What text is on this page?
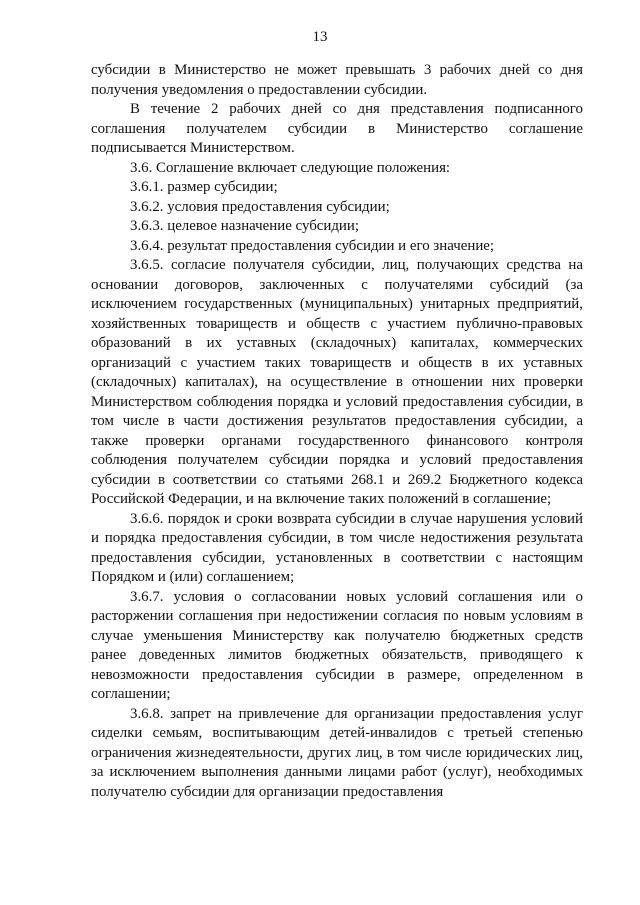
13

субсидии в Министерство не может превышать 3 рабочих дней со дня получения уведомления о предоставлении субсидии.

В течение 2 рабочих дней со дня представления подписанного соглашения получателем субсидии в Министерство соглашение подписывается Министерством.

3.6. Соглашение включает следующие положения:

3.6.1. размер субсидии;

3.6.2. условия предоставления субсидии;

3.6.3. целевое назначение субсидии;

3.6.4. результат предоставления субсидии и его значение;

3.6.5. согласие получателя субсидии, лиц, получающих средства на основании договоров, заключенных с получателями субсидий (за исключением государственных (муниципальных) унитарных предприятий, хозяйственных товариществ и обществ с участием публично-правовых образований в их уставных (складочных) капиталах, коммерческих организаций с участием таких товариществ и обществ в их уставных (складочных) капиталах), на осуществление в отношении них проверки Министерством соблюдения порядка и условий предоставления субсидии, в том числе в части достижения результатов предоставления субсидии, а также проверки органами государственного финансового контроля соблюдения получателем субсидии порядка и условий предоставления субсидии в соответствии со статьями 268.1 и 269.2 Бюджетного кодекса Российской Федерации, и на включение таких положений в соглашение;

3.6.6. порядок и сроки возврата субсидии в случае нарушения условий и порядка предоставления субсидии, в том числе недостижения результата предоставления субсидии, установленных в соответствии с настоящим Порядком и (или) соглашением;

3.6.7. условия о согласовании новых условий соглашения или о расторжении соглашения при недостижении согласия по новым условиям в случае уменьшения Министерству как получателю бюджетных средств ранее доведенных лимитов бюджетных обязательств, приводящего к невозможности предоставления субсидии в размере, определенном в соглашении;

3.6.8. запрет на привлечение для организации предоставления услуг сиделки семьям, воспитывающим детей-инвалидов с третьей степенью ограничения жизнедеятельности, других лиц, в том числе юридических лиц, за исключением выполнения данными лицами работ (услуг), необходимых получателю субсидии для организации предоставления
